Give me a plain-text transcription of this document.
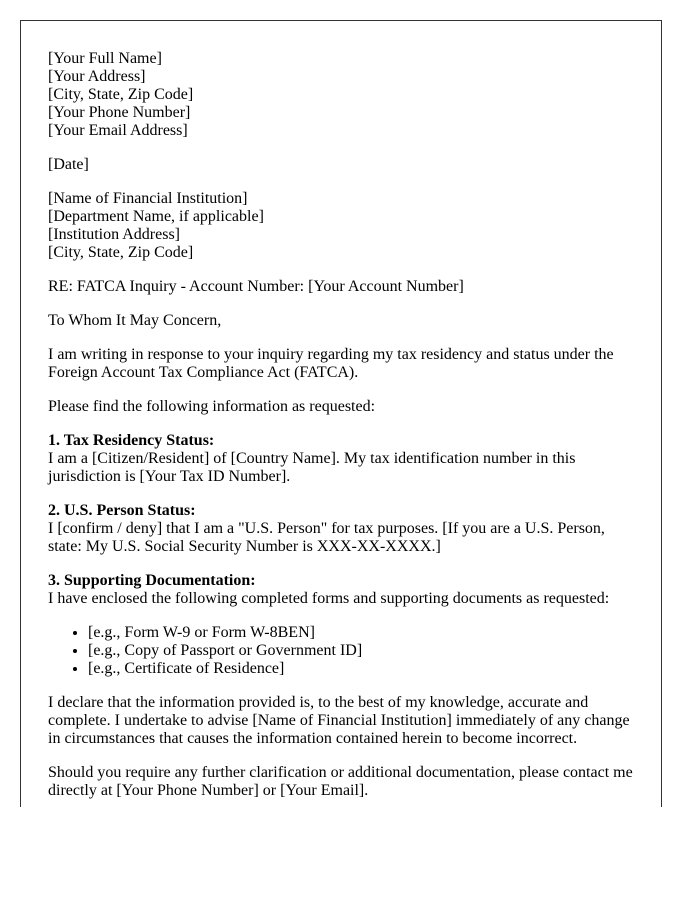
[Your Full Name]
[Your Address]
[City, State, Zip Code]
[Your Phone Number]
[Your Email Address]

[Date]

[Name of Financial Institution]
[Department Name, if applicable]
[Institution Address]
[City, State, Zip Code]

RE: FATCA Inquiry - Account Number: [Your Account Number]

To Whom It May Concern,

I am writing in response to your inquiry regarding my tax residency and status under the Foreign Account Tax Compliance Act (FATCA).

Please find the following information as requested:

1. Tax Residency Status:
I am a [Citizen/Resident] of [Country Name]. My tax identification number in this jurisdiction is [Your Tax ID Number].

2. U.S. Person Status:
I [confirm / deny] that I am a "U.S. Person" for tax purposes. [If you are a U.S. Person, state: My U.S. Social Security Number is XXX-XX-XXXX.]

3. Supporting Documentation:
I have enclosed the following completed forms and supporting documents as requested:

• [e.g., Form W-9 or Form W-8BEN]
• [e.g., Copy of Passport or Government ID]
• [e.g., Certificate of Residence]

I declare that the information provided is, to the best of my knowledge, accurate and complete. I undertake to advise [Name of Financial Institution] immediately of any change in circumstances that causes the information contained herein to become incorrect.

Should you require any further clarification or additional documentation, please contact me directly at [Your Phone Number] or [Your Email].
